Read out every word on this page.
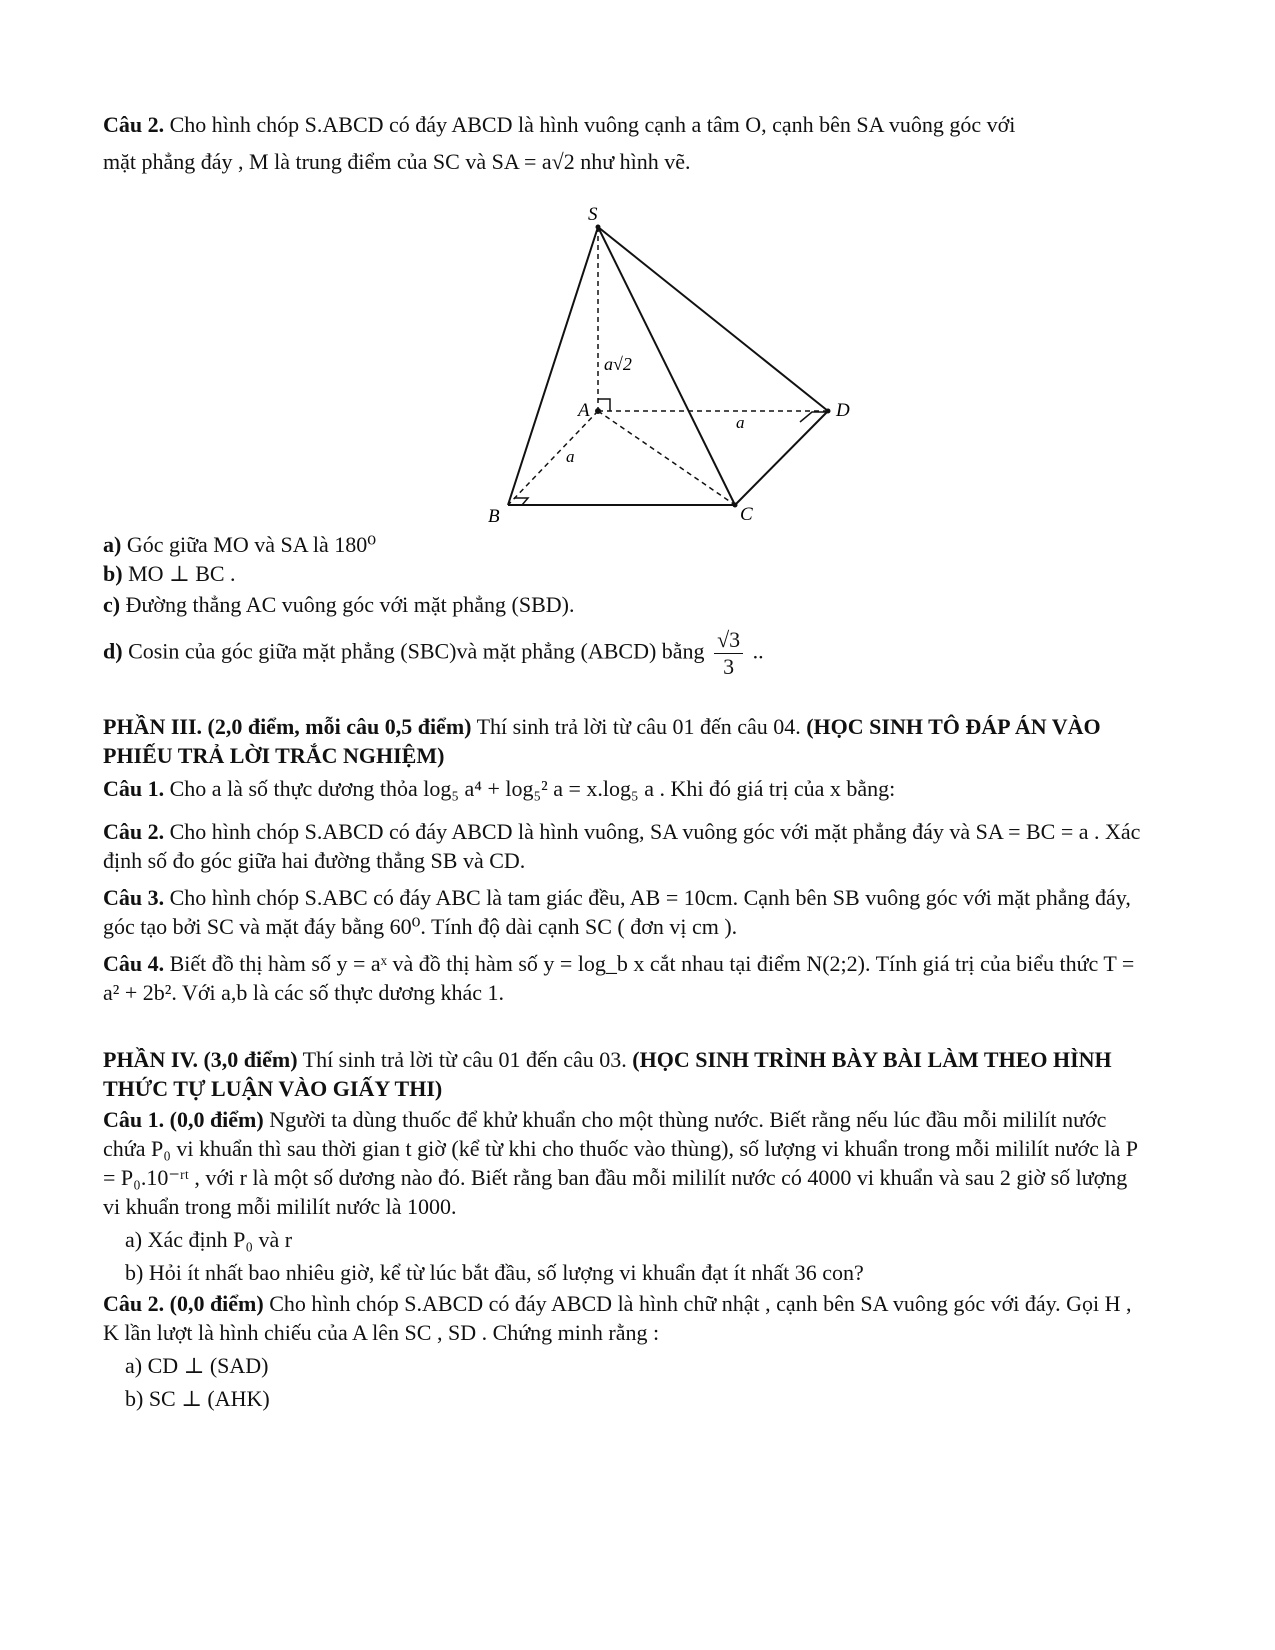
Câu 2. Cho hình chóp S.ABCD có đáy ABCD là hình vuông cạnh a tâm O, cạnh bên SA vuông góc với

mặt phẳng đáy , M là trung điểm của SC và SA = a√2 như hình vẽ.

S
A	D
B	C
a√2
a
a

a) Góc giữa MO và SA là 180⁰

b) MO ⊥ BC .

c) Đường thẳng AC vuông góc với mặt phẳng (SBD).

d) Cosin của góc giữa mặt phẳng (SBC)và mặt phẳng (ABCD) bằng $\frac{√3}{3}$ ..

PHẦN III. (2,0 điểm, mỗi câu 0,5 điểm) Thí sinh trả lời từ câu 01 đến câu 04. (HỌC SINH TÔ ĐÁP ÁN VÀO PHIẾU TRẢ LỜI TRẮC NGHIỆM)

Câu 1. Cho a là số thực dương thỏa log₅ a⁴ + log₅² a = x.log₅ a . Khi đó giá trị của x bằng:

Câu 2. Cho hình chóp S.ABCD có đáy ABCD là hình vuông, SA vuông góc với mặt phẳng đáy và SA = BC = a . Xác định số đo góc giữa hai đường thẳng SB và CD.

Câu 3. Cho hình chóp S.ABC có đáy ABC là tam giác đều, AB = 10cm. Cạnh bên SB vuông góc với mặt phẳng đáy, góc tạo bởi SC và mặt đáy bằng 60⁰. Tính độ dài cạnh SC ( đơn vị cm ).

Câu 4. Biết đồ thị hàm số y = aˣ và đồ thị hàm số y = log_b x cắt nhau tại điểm N(2;2). Tính giá trị của biểu thức T = a² + 2b². Với a,b là các số thực dương khác 1.

PHẦN IV. (3,0 điểm) Thí sinh trả lời từ câu 01 đến câu 03. (HỌC SINH TRÌNH BÀY BÀI LÀM THEO HÌNH THỨC TỰ LUẬN VÀO GIẤY THI)

Câu 1. (0,0 điểm) Người ta dùng thuốc để khử khuẩn cho một thùng nước. Biết rằng nếu lúc đầu mỗi mililít nước chứa P₀ vi khuẩn thì sau thời gian t giờ (kể từ khi cho thuốc vào thùng), số lượng vi khuẩn trong mỗi mililít nước là P = P₀.10⁻ʳᵗ , với r là một số dương nào đó. Biết rằng ban đầu mỗi mililít nước có 4000 vi khuẩn và sau 2 giờ số lượng vi khuẩn trong mỗi mililít nước là 1000.

a) Xác định P₀ và r

b) Hỏi ít nhất bao nhiêu giờ, kể từ lúc bắt đầu, số lượng vi khuẩn đạt ít nhất 36 con?

Câu 2. (0,0 điểm) Cho hình chóp S.ABCD có đáy ABCD là hình chữ nhật , cạnh bên SA vuông góc với đáy. Gọi H , K lần lượt là hình chiếu của A lên SC , SD . Chứng minh rằng :

a) CD ⊥ (SAD)

b) SC ⊥ (AHK)
